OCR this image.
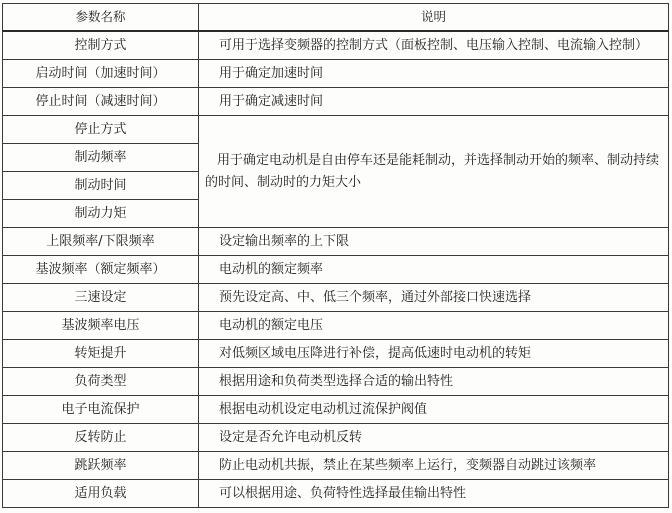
参数名称	说明
控制方式	可用于选择变频器的控制方式（面板控制、电压输入控制、电流输入控制）
启动时间（加速时间）	用于确定加速时间
停止时间（减速时间）	用于确定减速时间
停止方式	用于确定电动机是自由停车还是能耗制动，并选择制动开始的频率、制动持续的时间、制动时的力矩大小
制动频率	
制动时间	
制动力矩	
上限频率/下限频率	设定输出频率的上下限
基波频率（额定频率）	电动机的额定频率
三速设定	预先设定高、中、低三个频率，通过外部接口快速选择
基波频率电压	电动机的额定电压
转矩提升	对低频区域电压降进行补偿，提高低速时电动机的转矩
负荷类型	根据用途和负荷类型选择合适的输出特性
电子电流保护	根据电动机设定电动机过流保护阀值
反转防止	设定是否允许电动机反转
跳跃频率	防止电动机共振，禁止在某些频率上运行，变频器自动跳过该频率
适用负载	可以根据用途、负荷特性选择最佳输出特性
